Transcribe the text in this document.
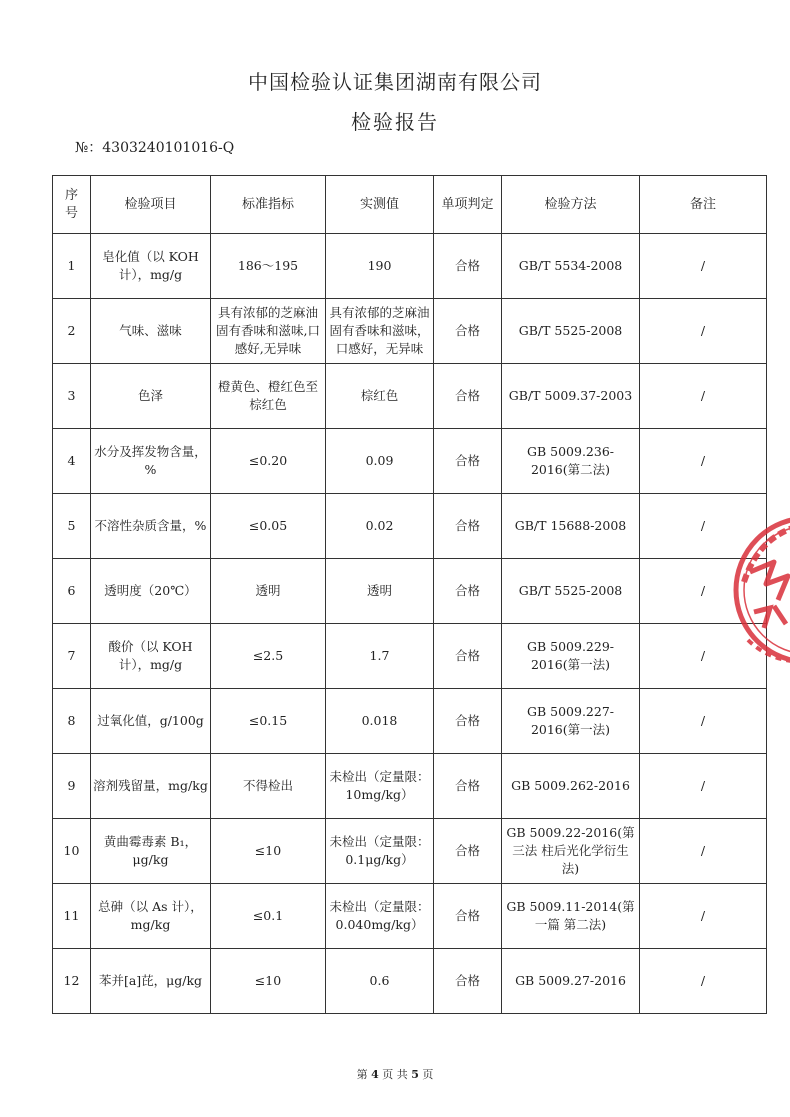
中国检验认证集团湖南有限公司
检验报告
№：4303240101016-Q
序号	检验项目	标准指标	实测值	单项判定	检验方法	备注
1	皂化值（以 KOH 计），mg/g	186～195	190	合格	GB/T 5534-2008	/
2	气味、滋味	具有浓郁的芝麻油固有香味和滋味,口感好,无异味	具有浓郁的芝麻油固有香味和滋味，口感好，无异味	合格	GB/T 5525-2008	/
3	色泽	橙黄色、橙红色至棕红色	棕红色	合格	GB/T 5009.37-2003	/
4	水分及挥发物含量，%	≤0.20	0.09	合格	GB 5009.236-2016(第二法)	/
5	不溶性杂质含量，%	≤0.05	0.02	合格	GB/T 15688-2008	/
6	透明度（20℃）	透明	透明	合格	GB/T 5525-2008	/
7	酸价（以 KOH 计），mg/g	≤2.5	1.7	合格	GB 5009.229-2016(第一法)	/
8	过氧化值，g/100g	≤0.15	0.018	合格	GB 5009.227-2016(第一法)	/
9	溶剂残留量，mg/kg	不得检出	未检出（定量限：10mg/kg）	合格	GB 5009.262-2016	/
10	黄曲霉毒素 B₁，μg/kg	≤10	未检出（定量限：0.1μg/kg）	合格	GB 5009.22-2016(第三法 柱后光化学衍生法)	/
11	总砷（以 As 计），mg/kg	≤0.1	未检出（定量限：0.040mg/kg）	合格	GB 5009.11-2014(第一篇 第二法)	/
12	苯并[a]芘，μg/kg	≤10	0.6	合格	GB 5009.27-2016	/
第 4 页 共 5 页
